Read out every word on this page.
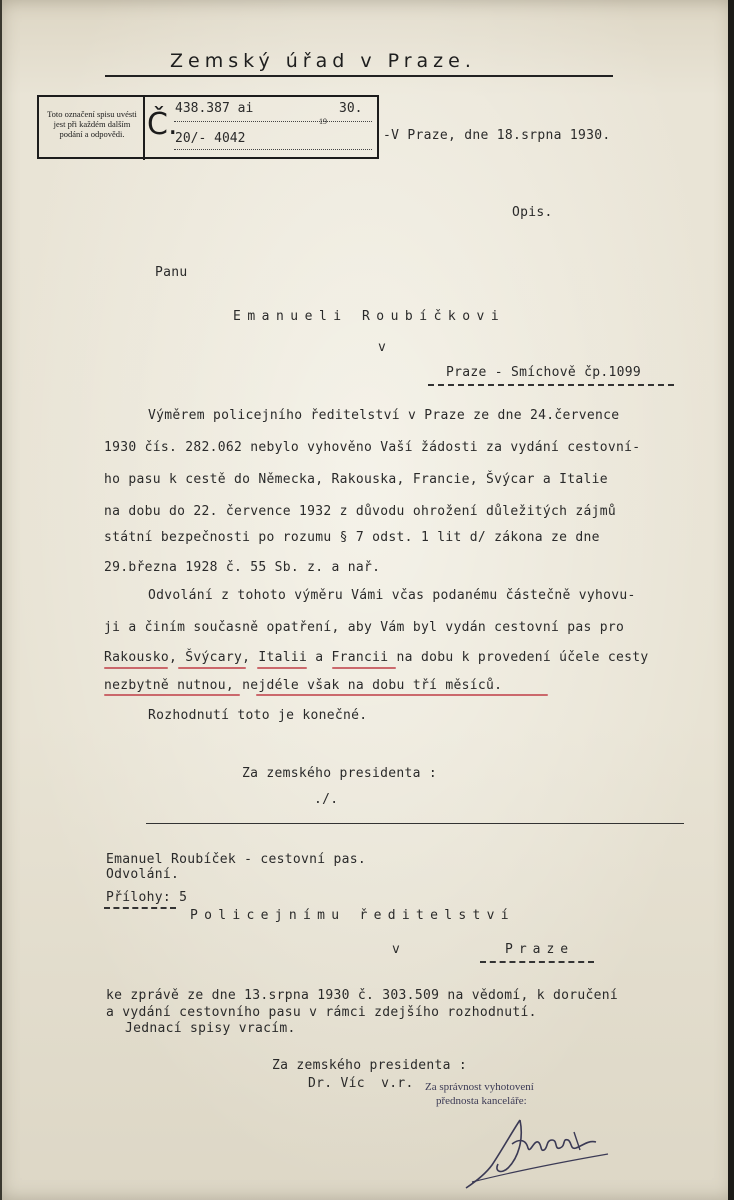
Zemský úřad v Praze.
Toto označení spisu uvésti jest při každém dalším podání a odpovědi. Č.
438.387 ai
19
30.
20/- 4042	-V Praze, dne 18.srpna 1930.
Opis.
Panu
Emanueli Roubíčkovi
v
Praze - Smíchově čp.1099
Výměrem policejního ředitelství v Praze ze dne 24.července
1930 čís. 282.062 nebylo vyhověno Vaší žádosti za vydání cestovní-
ho pasu k cestě do Německa, Rakouska, Francie, Švýcar a Italie
na dobu do 22. července 1932 z důvodu ohrožení důležitých zájmů
státní bezpečnosti po rozumu § 7 odst. 1 lit d/ zákona ze dne
29.března 1928 č. 55 Sb. z. a nař.
Odvolání z tohoto výměru Vámi včas podanému částečně vyhovu-
ji a činím současně opatření, aby Vám byl vydán cestovní pas pro
Rakousko, Švýcary, Italii a Francii na dobu k provedení účele cesty
nezbytně nutnou, nejdéle však na dobu tří měsíců.
Rozhodnutí toto je konečné.
Za zemského presidenta :
./.
Emanuel Roubíček - cestovní pas.
Odvolání.
Přílohy: 5
Policejnímu ředitelství
v	Praze
ke zprávě ze dne 13.srpna 1930 č. 303.509 na vědomí, k doručení
a vydání cestovního pasu v rámci zdejšího rozhodnutí.
Jednací spisy vracím.
Za zemského presidenta :
Dr. Víc  v.r. Za správnost vyhotovení
přednosta kanceláře:
